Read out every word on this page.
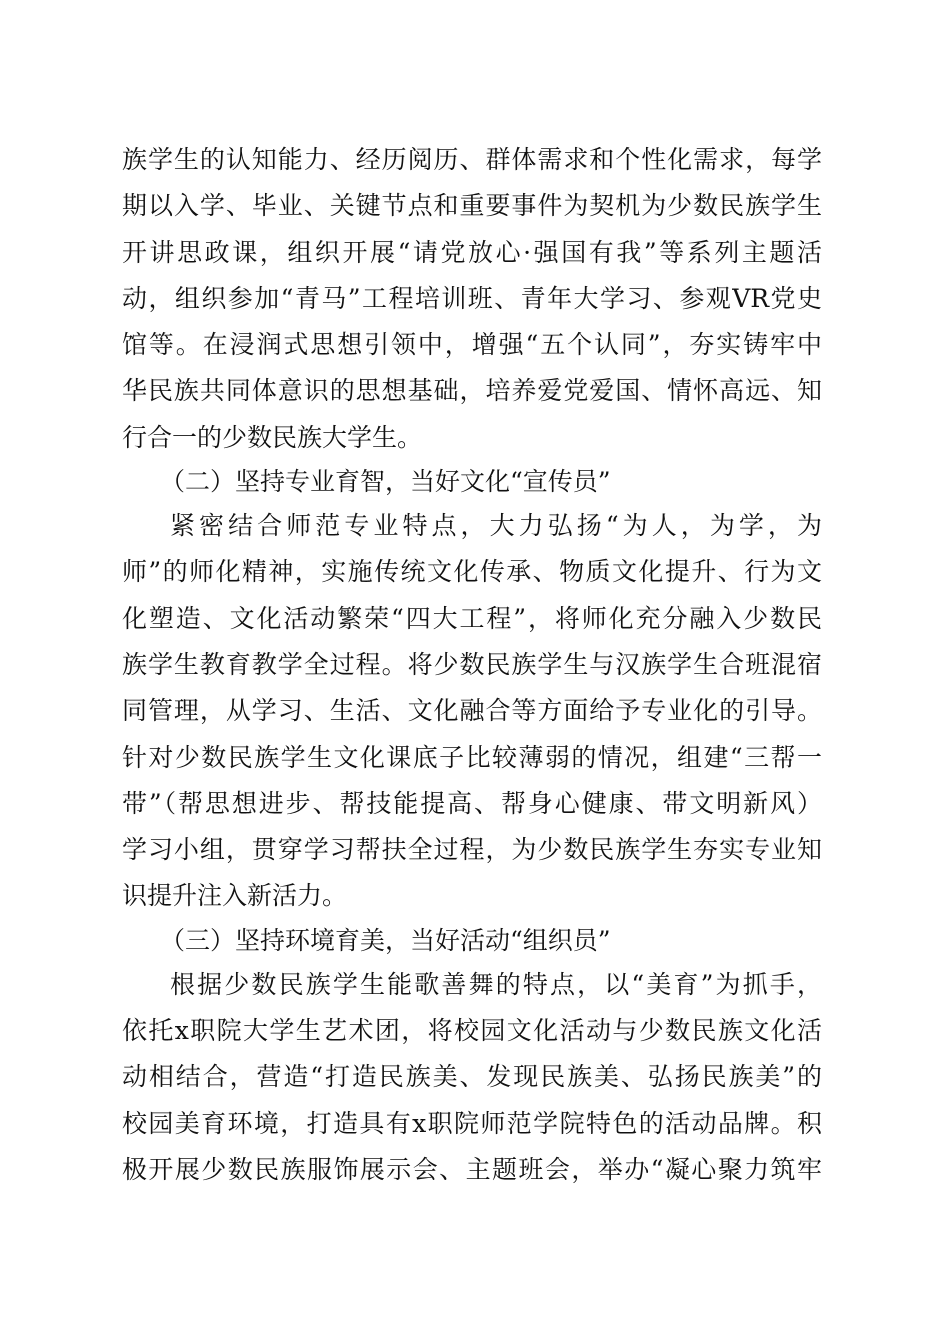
族学生的认知能力、经历阅历、群体需求和个性化需求，每学
期以入学、毕业、关键节点和重要事件为契机为少数民族学生
开讲思政课，组织开展“请党放心·强国有我”等系列主题活
动，组织参加“青马”工程培训班、青年大学习、参观VR党史
馆等。在浸润式思想引领中，增强“五个认同”，夯实铸牢中
华民族共同体意识的思想基础，培养爱党爱国、情怀高远、知
行合一的少数民族大学生。
（二）坚持专业育智，当好文化“宣传员”
紧密结合师范专业特点，大力弘扬“为人，为学，为
师”的师化精神，实施传统文化传承、物质文化提升、行为文
化塑造、文化活动繁荣“四大工程”，将师化充分融入少数民
族学生教育教学全过程。将少数民族学生与汉族学生合班混宿
同管理，从学习、生活、文化融合等方面给予专业化的引导。
针对少数民族学生文化课底子比较薄弱的情况，组建“三帮一
带”（帮思想进步、帮技能提高、帮身心健康、带文明新风）
学习小组，贯穿学习帮扶全过程，为少数民族学生夯实专业知
识提升注入新活力。
（三）坚持环境育美，当好活动“组织员”
根据少数民族学生能歌善舞的特点，以“美育”为抓手，
依托x职院大学生艺术团，将校园文化活动与少数民族文化活
动相结合，营造“打造民族美、发现民族美、弘扬民族美”的
校园美育环境，打造具有x职院师范学院特色的活动品牌。积
极开展少数民族服饰展示会、主题班会，举办“凝心聚力筑牢
